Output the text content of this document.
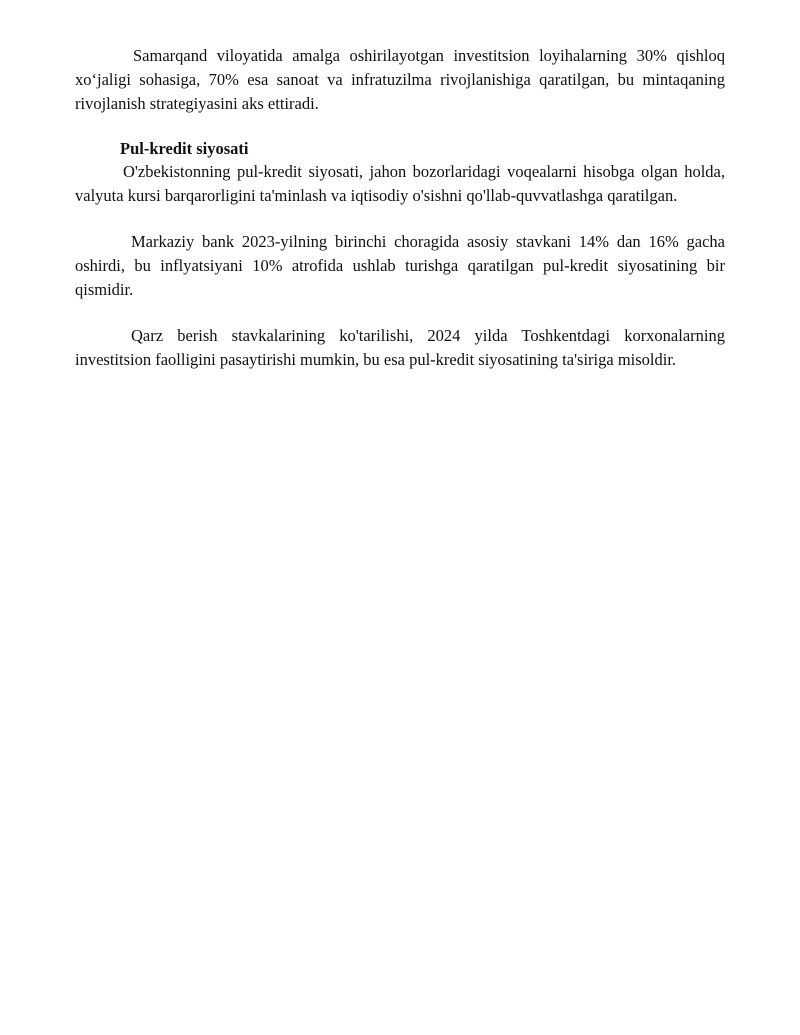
Samarqand viloyatida amalga oshirilayotgan investitsion loyihalarning 30% qishloq xo‘jaligi sohasiga, 70% esa sanoat va infratuzilma rivojlanishiga qaratilgan, bu mintaqaning rivojlanish strategiyasini aks ettiradi.

Pul-kredit siyosati

O'zbekistonning pul-kredit siyosati, jahon bozorlaridagi voqealarni hisobga olgan holda, valyuta kursi barqarorligini ta'minlash va iqtisodiy o'sishni qo'llab-quvvatlashga qaratilgan.

Markaziy bank 2023-yilning birinchi choragida asosiy stavkani 14% dan 16% gacha oshirdi, bu inflyatsiyani 10% atrofida ushlab turishga qaratilgan pul-kredit siyosatining bir qismidir.

Qarz berish stavkalarining ko'tarilishi, 2024 yilda Toshkentdagi korxonalarning investitsion faolligini pasaytirishi mumkin, bu esa pul-kredit siyosatining ta'siriga misoldir.
